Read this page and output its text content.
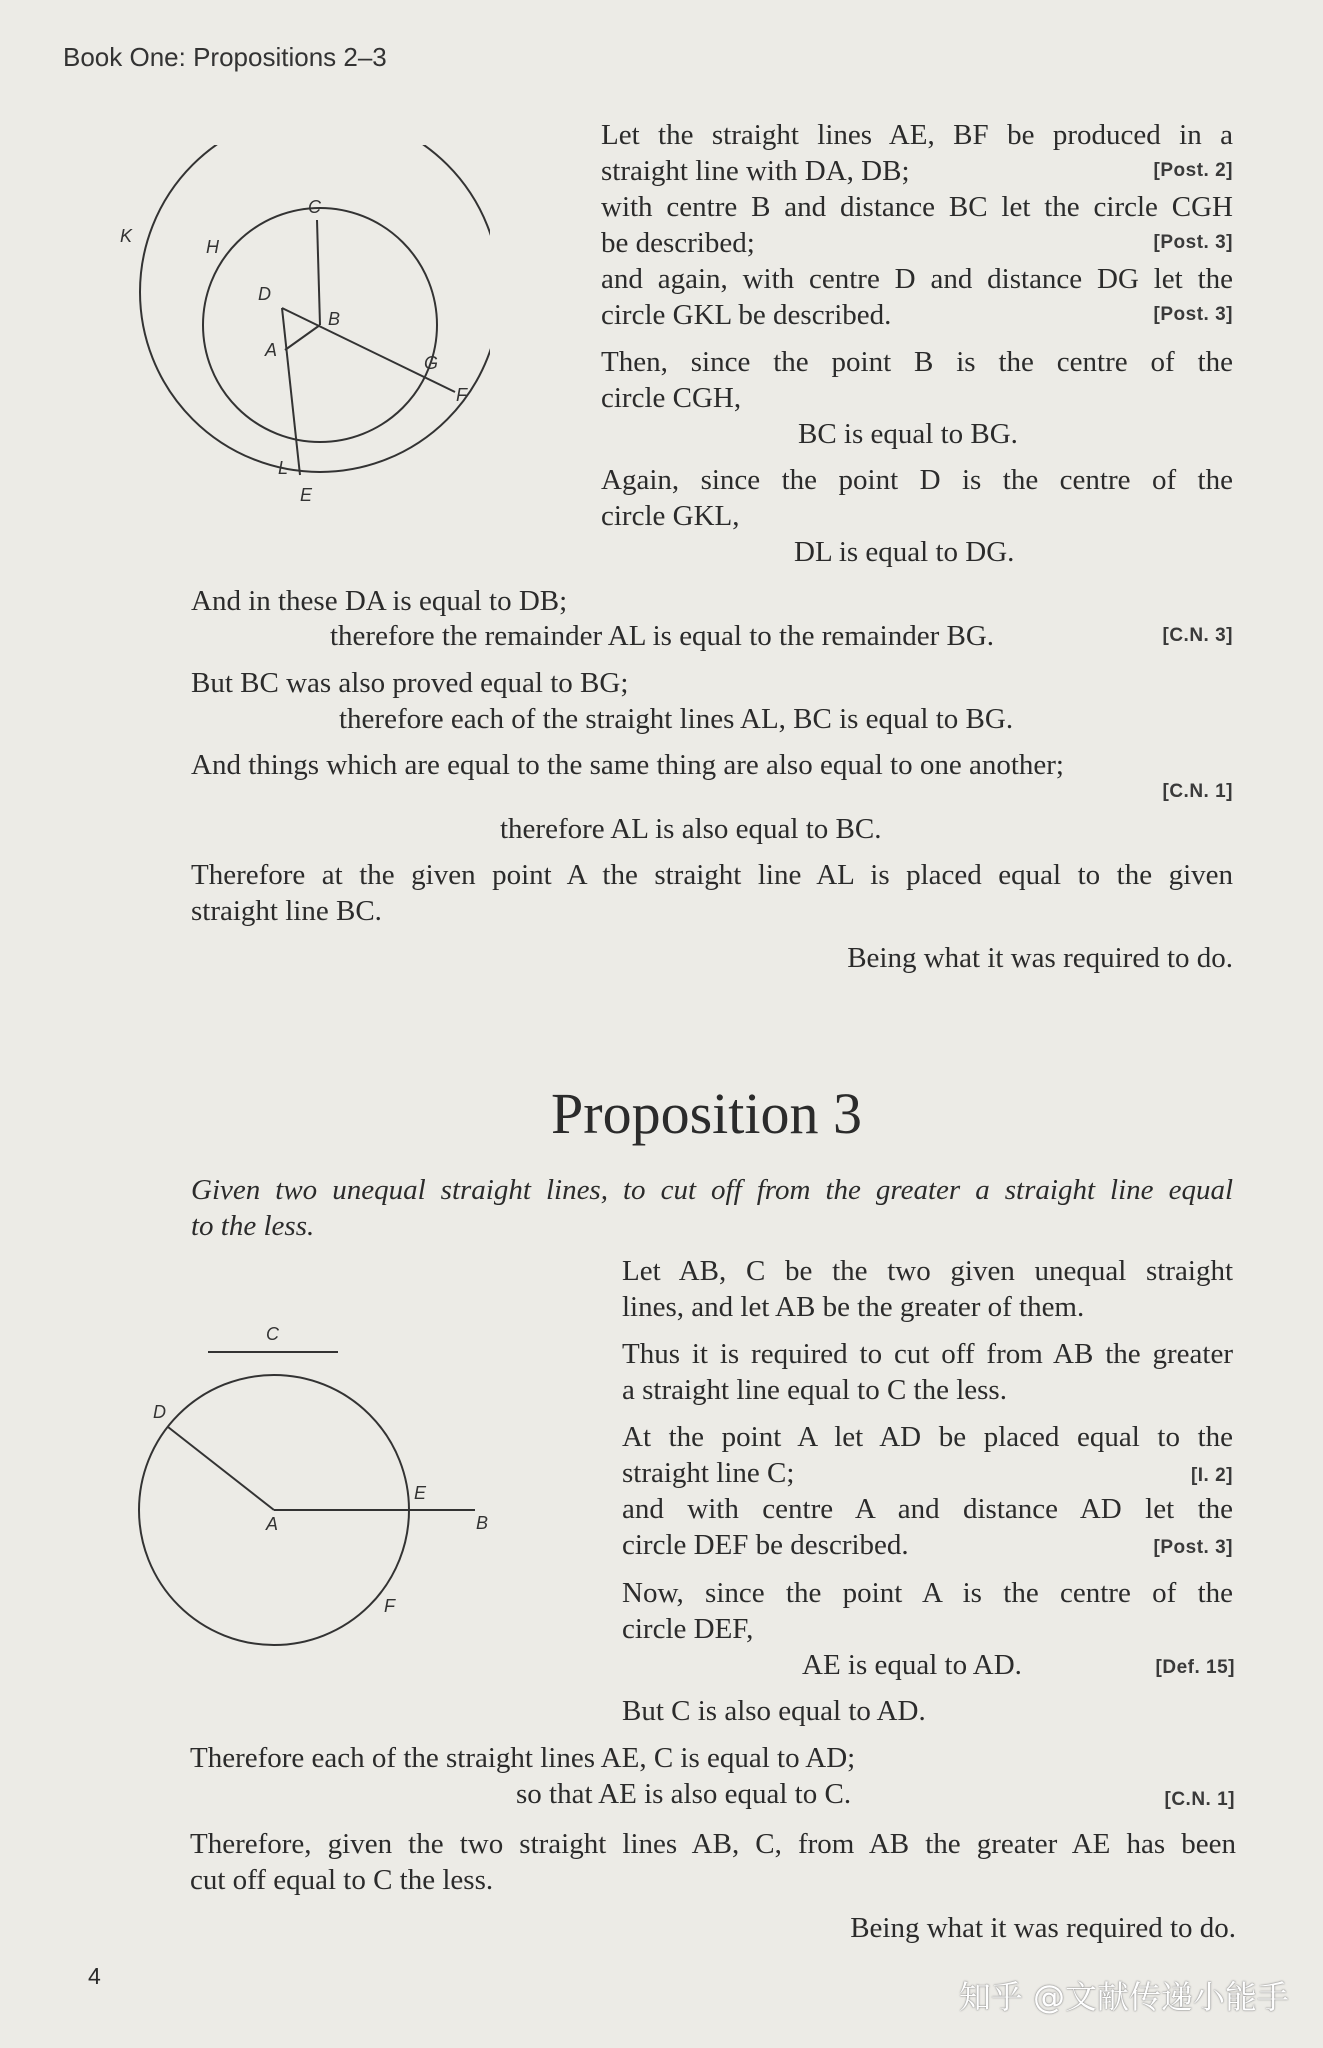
Book One: Propositions 2–3
K
H
C
D
B
A
G
F
L
E
Let the straight lines AE, BF be produced in a
straight line with DA, DB;	[Post. 2]
with centre B and distance BC let the circle CGH
be described;	[Post. 3]
and again, with centre D and distance DG let the
circle GKL be described.	[Post. 3]
Then, since the point B is the centre of the
circle CGH,
BC is equal to BG.
Again, since the point D is the centre of the
circle GKL,
DL is equal to DG.
And in these DA is equal to DB;
therefore the remainder AL is equal to the remainder BG.	[C.N. 3]
But BC was also proved equal to BG;
therefore each of the straight lines AL, BC is equal to BG.
And things which are equal to the same thing are also equal to one another;
[C.N. 1]
therefore AL is also equal to BC.
Therefore at the given point A the straight line AL is placed equal to the given
straight line BC.
Being what it was required to do.
Proposition 3
Given two unequal straight lines, to cut off from the greater a straight line equal
to the less.
C
D
A
E
B
F
Let AB, C be the two given unequal straight
lines, and let AB be the greater of them.
Thus it is required to cut off from AB the greater
a straight line equal to C the less.
At the point A let AD be placed equal to the
straight line C;	[I. 2]
and with centre A and distance AD let the
circle DEF be described.	[Post. 3]
Now, since the point A is the centre of the
circle DEF,
AE is equal to AD.	[Def. 15]
But C is also equal to AD.
Therefore each of the straight lines AE, C is equal to AD;
so that AE is also equal to C.	[C.N. 1]
Therefore, given the two straight lines AB, C, from AB the greater AE has been
cut off equal to C the less.
Being what it was required to do.
4
知乎 @文献传递小能手
